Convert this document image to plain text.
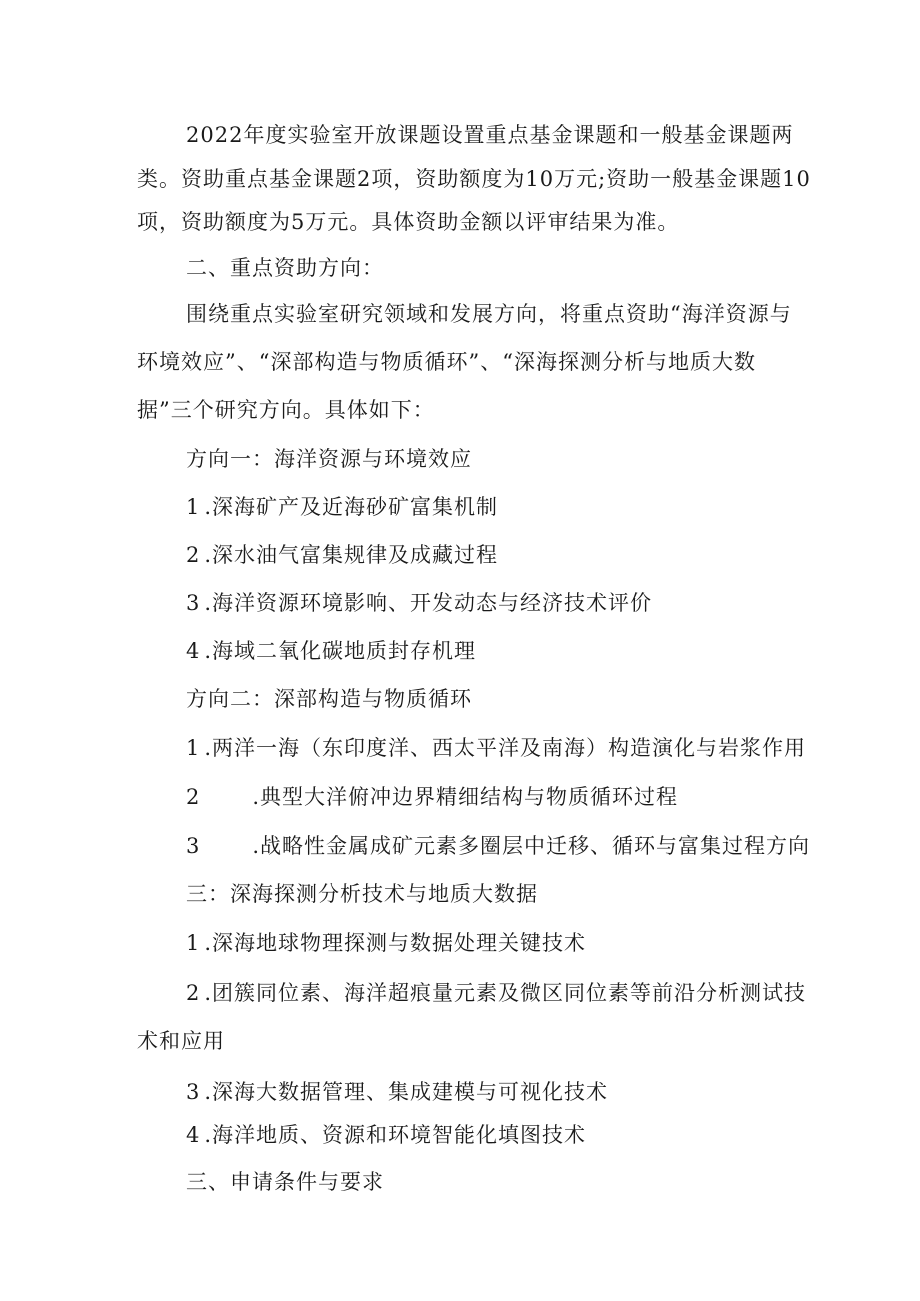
2022年度实验室开放课题设置重点基金课题和一般基金课题两
类。资助重点基金课题2项，资助额度为10万元;资助一般基金课题10
项，资助额度为5万元。具体资助金额以评审结果为准。
二、重点资助方向：
围绕重点实验室研究领域和发展方向，将重点资助“海洋资源与
环境效应”、“深部构造与物质循环”、“深海探测分析与地质大数
据”三个研究方向。具体如下：
方向一：海洋资源与环境效应
1 .深海矿产及近海砂矿富集机制
2 .深水油气富集规律及成藏过程
3 .海洋资源环境影响、开发动态与经济技术评价
4 .海域二氧化碳地质封存机理
方向二：深部构造与物质循环
1 .两洋一海（东印度洋、西太平洋及南海）构造演化与岩浆作用
2 .典型大洋俯冲边界精细结构与物质循环过程
3 .战略性金属成矿元素多圈层中迁移、循环与富集过程方向
三：深海探测分析技术与地质大数据
1 .深海地球物理探测与数据处理关键技术
2 .团簇同位素、海洋超痕量元素及微区同位素等前沿分析测试技
术和应用
3 .深海大数据管理、集成建模与可视化技术
4 .海洋地质、资源和环境智能化填图技术
三、申请条件与要求
